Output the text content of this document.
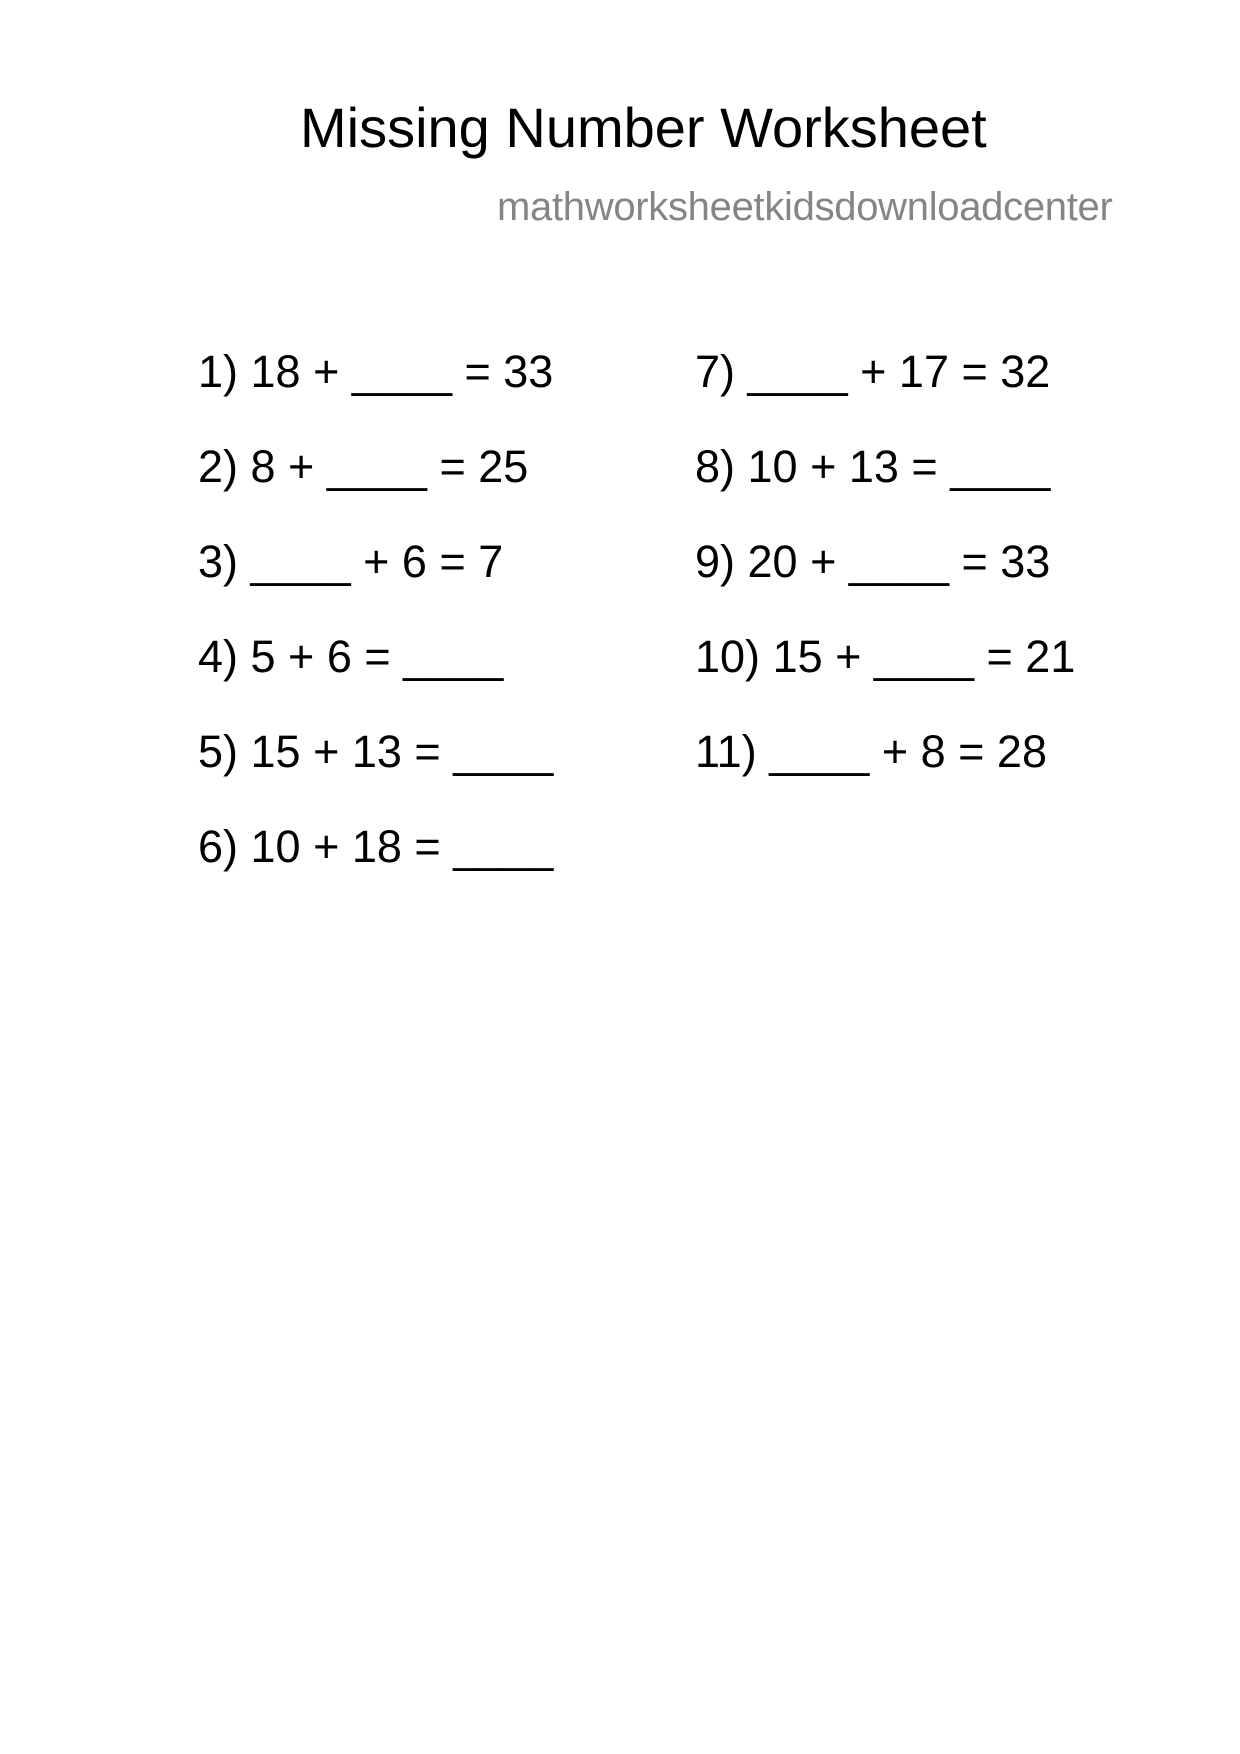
Missing Number Worksheet
mathworksheetkidsdownloadcenter
1) 18 + ____ = 33
2) 8 + ____ = 25
3) ____ + 6 = 7
4) 5 + 6 = ____
5) 15 + 13 = ____
6) 10 + 18 = ____
7) ____ + 17 = 32
8) 10 + 13 = ____
9) 20 + ____ = 33
10) 15 + ____ = 21
11) ____ + 8 = 28
